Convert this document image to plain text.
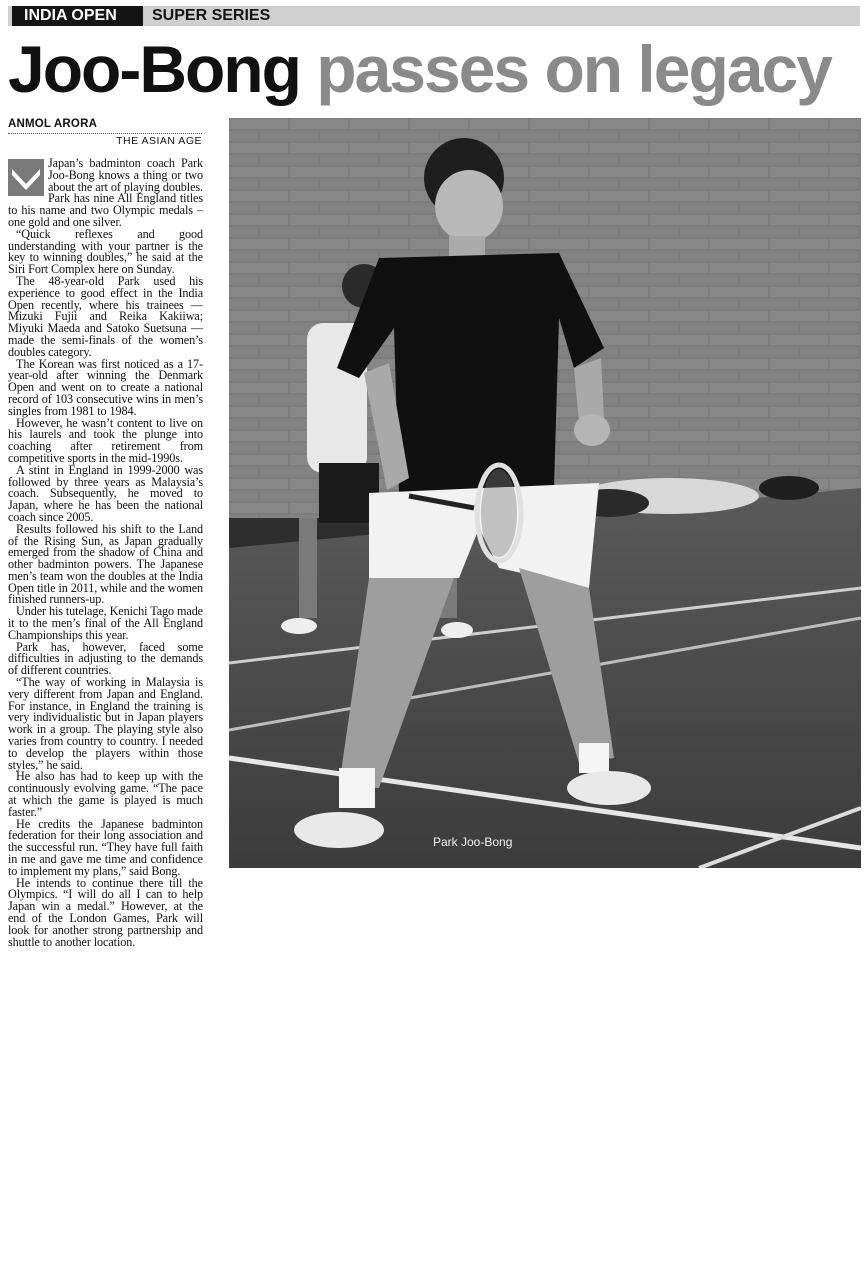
INDIA OPEN	SUPER SERIES
Joo-Bong passes on legacy
ANMOL ARORA
THE ASIAN AGE

Japan’s badminton coach Park Joo-Bong knows a thing or two about the art of playing doubles. Park has nine All England titles to his name and two Olympic medals – one gold and one silver.

“Quick reflexes and good understanding with your partner is the key to winning doubles,” he said at the Siri Fort Complex here on Sunday.

The 48-year-old Park used his experience to good effect in the India Open recently, where his trainees — Mizuki Fujii and Reika Kakiiwa; Miyuki Maeda and Satoko Suetsuna — made the semi-finals of the women’s doubles category.

The Korean was first noticed as a 17-year-old after winning the Denmark Open and went on to create a national record of 103 consecutive wins in men’s singles from 1981 to 1984.

However, he wasn’t content to live on his laurels and took the plunge into coaching after retirement from competitive sports in the mid-1990s.

A stint in England in 1999-2000 was followed by three years as Malaysia’s coach. Subsequently, he moved to Japan, where he has been the national coach since 2005.

Results followed his shift to the Land of the Rising Sun, as Japan gradually emerged from the shadow of China and other badminton powers. The Japanese men’s team won the doubles at the India Open title in 2011, while and the women finished runners-up.

Under his tutelage, Kenichi Tago made it to the men’s final of the All England Championships this year.

Park has, however, faced some difficulties in adjusting to the demands of different countries.

“The way of working in Malaysia is very different from Japan and England. For instance, in England the training is very individualistic but in Japan players work in a group. The playing style also varies from country to country. I needed to develop the players within those styles,” he said.

He also has had to keep up with the continuously evolving game. “The pace at which the game is played is much faster.”

He credits the Japanese badminton federation for their long association and the successful run. “They have full faith in me and gave me time and confidence to implement my plans,” said Bong.

He intends to continue there till the Olympics. “I will do all I can to help Japan win a medal.” However, at the end of the London Games, Park will look for another strong partnership and shuttle to another location.

Park Joo-Bong
